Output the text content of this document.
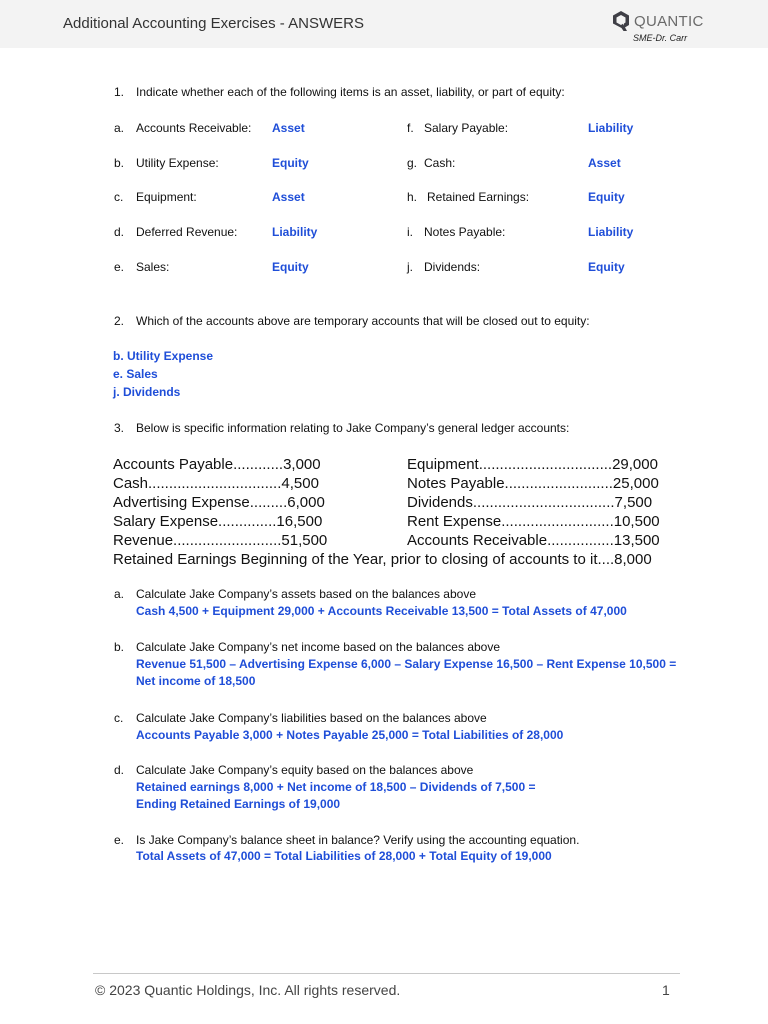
Additional Accounting Exercises - ANSWERS	QUANTIC
SME-Dr. Carr
1. Indicate whether each of the following items is an asset, liability, or part of equity:
a. Accounts Receivable: Asset
b. Utility Expense:	Equity
c. Equipment:	Asset
d. Deferred Revenue:	Liability
e. Sales:	Equity
f. Salary Payable:	Liability
g. Cash:	Asset
h. Retained Earnings:	Equity
i. Notes Payable:	Liability
j. Dividends:	Equity
2. Which of the accounts above are temporary accounts that will be closed out to equity:
b. Utility Expense
e. Sales
j. Dividends
3. Below is specific information relating to Jake Company’s general ledger accounts:
Accounts Payable............3,000
Cash................................4,500
Advertising Expense.........6,000
Salary Expense..............16,500
Revenue..........................51,500
Equipment................................29,000
Notes Payable..........................25,000
Dividends..................................7,500
Rent Expense...........................10,500
Accounts Receivable................13,500
Retained Earnings Beginning of the Year, prior to closing of accounts to it....8,000
a. Calculate Jake Company’s assets based on the balances above
Cash 4,500 + Equipment 29,000 + Accounts Receivable 13,500 = Total Assets of 47,000
b. Calculate Jake Company’s net income based on the balances above
Revenue 51,500 – Advertising Expense 6,000 – Salary Expense 16,500 – Rent Expense 10,500 =
Net income of 18,500
c. Calculate Jake Company’s liabilities based on the balances above
Accounts Payable 3,000 + Notes Payable 25,000 = Total Liabilities of 28,000
d. Calculate Jake Company’s equity based on the balances above
Retained earnings 8,000 + Net income of 18,500 – Dividends of 7,500 =
Ending Retained Earnings of 19,000
e. Is Jake Company’s balance sheet in balance? Verify using the accounting equation.
Total Assets of 47,000 = Total Liabilities of 28,000 + Total Equity of 19,000
© 2023 Quantic Holdings, Inc. All rights reserved.	1
